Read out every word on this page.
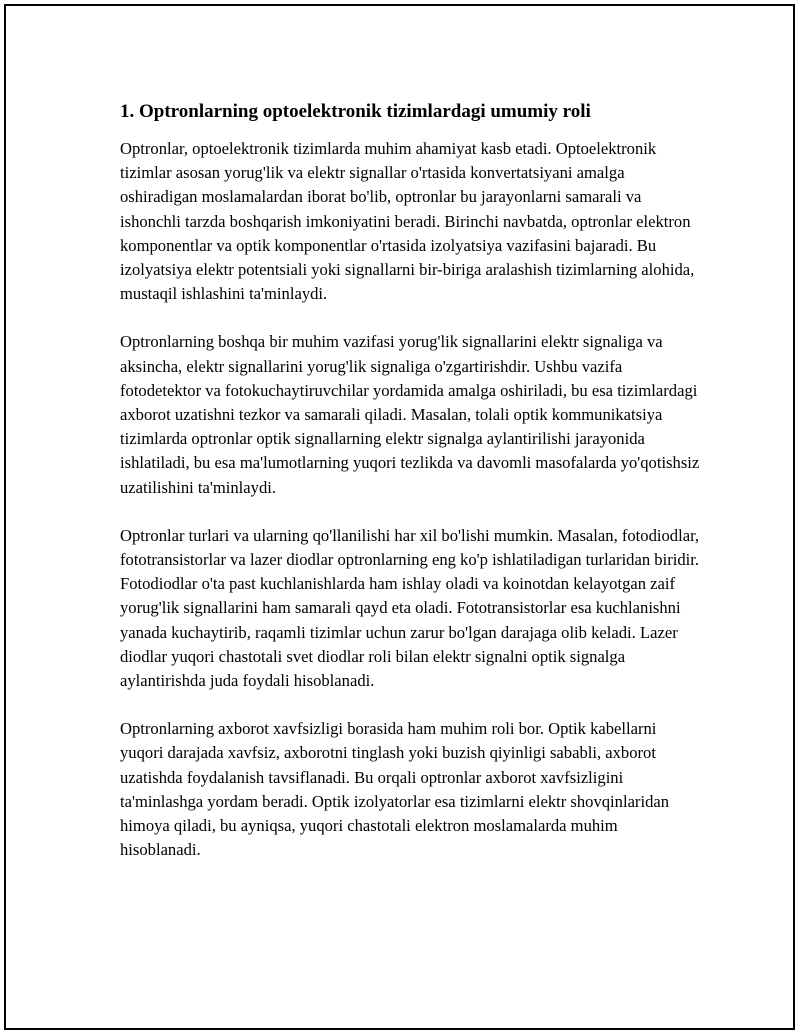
1. Optronlarning optoelektronik tizimlardagi umumiy roli

Optronlar, optoelektronik tizimlarda muhim ahamiyat kasb etadi. Optoelektronik tizimlar asosan yorug'lik va elektr signallar o'rtasida konvertatsiyani amalga oshiradigan moslamalardan iborat bo'lib, optronlar bu jarayonlarni samarali va ishonchli tarzda boshqarish imkoniyatini beradi. Birinchi navbatda, optronlar elektron komponentlar va optik komponentlar o'rtasida izolyatsiya vazifasini bajaradi. Bu izolyatsiya elektr potentsiali yoki signallarni bir-biriga aralashish tizimlarning alohida, mustaqil ishlashini ta'minlaydi.

Optronlarning boshqa bir muhim vazifasi yorug'lik signallarini elektr signaliga va aksincha, elektr signallarini yorug'lik signaliga o'zgartirishdir. Ushbu vazifa fotodetektor va fotokuchaytiruvchilar yordamida amalga oshiriladi, bu esa tizimlardagi axborot uzatishni tezkor va samarali qiladi. Masalan, tolali optik kommunikatsiya tizimlarda optronlar optik signallarning elektr signalga aylantirilishi jarayonida ishlatiladi, bu esa ma'lumotlarning yuqori tezlikda va davomli masofalarda yo'qotishsiz uzatilishini ta'minlaydi.

Optronlar turlari va ularning qo'llanilishi har xil bo'lishi mumkin. Masalan, fotodiodlar, fototransistorlar va lazer diodlar optronlarning eng ko'p ishlatiladigan turlaridan biridir. Fotodiodlar o'ta past kuchlanishlarda ham ishlay oladi va koinotdan kelayotgan zaif yorug'lik signallarini ham samarali qayd eta oladi. Fototransistorlar esa kuchlanishni yanada kuchaytirib, raqamli tizimlar uchun zarur bo'lgan darajaga olib keladi. Lazer diodlar yuqori chastotali svet diodlar roli bilan elektr signalni optik signalga aylantirishda juda foydali hisoblanadi.

Optronlarning axborot xavfsizligi borasida ham muhim roli bor. Optik kabellarni yuqori darajada xavfsiz, axborotni tinglash yoki buzish qiyinligi sababli, axborot uzatishda foydalanish tavsiflanadi. Bu orqali optronlar axborot xavfsizligini ta'minlashga yordam beradi. Optik izolyatorlar esa tizimlarni elektr shovqinlaridan himoya qiladi, bu ayniqsa, yuqori chastotali elektron moslamalarda muhim hisoblanadi.
